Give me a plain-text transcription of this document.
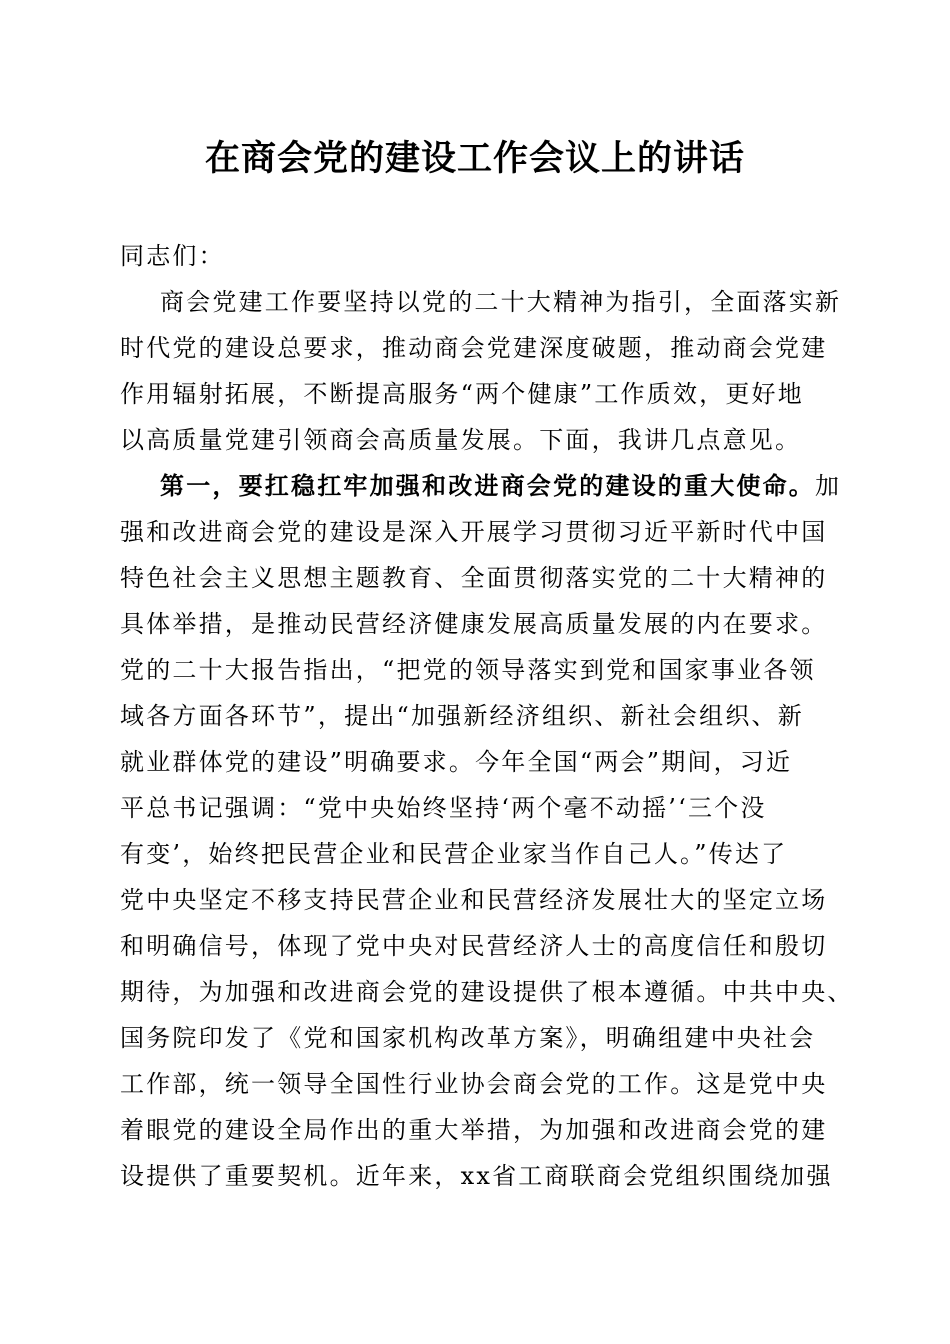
在商会党的建设工作会议上的讲话
同志们：
商会党建工作要坚持以党的二十大精神为指引，全面落实新
时代党的建设总要求，推动商会党建深度破题，推动商会党建
作用辐射拓展，不断提高服务“两个健康”工作质效，更好地
以高质量党建引领商会高质量发展。下面，我讲几点意见。
第一，要扛稳扛牢加强和改进商会党的建设的重大使命。加
强和改进商会党的建设是深入开展学习贯彻习近平新时代中国
特色社会主义思想主题教育、全面贯彻落实党的二十大精神的
具体举措，是推动民营经济健康发展高质量发展的内在要求。
党的二十大报告指出，“把党的领导落实到党和国家事业各领
域各方面各环节”，提出“加强新经济组织、新社会组织、新
就业群体党的建设”明确要求。今年全国“两会”期间，习近
平总书记强调：“党中央始终坚持‘两个毫不动摇’‘三个没
有变’，始终把民营企业和民营企业家当作自己人。”传达了
党中央坚定不移支持民营企业和民营经济发展壮大的坚定立场
和明确信号，体现了党中央对民营经济人士的高度信任和殷切
期待，为加强和改进商会党的建设提供了根本遵循。中共中央、
国务院印发了《党和国家机构改革方案》，明确组建中央社会
工作部，统一领导全国性行业协会商会党的工作。这是党中央
着眼党的建设全局作出的重大举措，为加强和改进商会党的建
设提供了重要契机。近年来，xx省工商联商会党组织围绕加强
